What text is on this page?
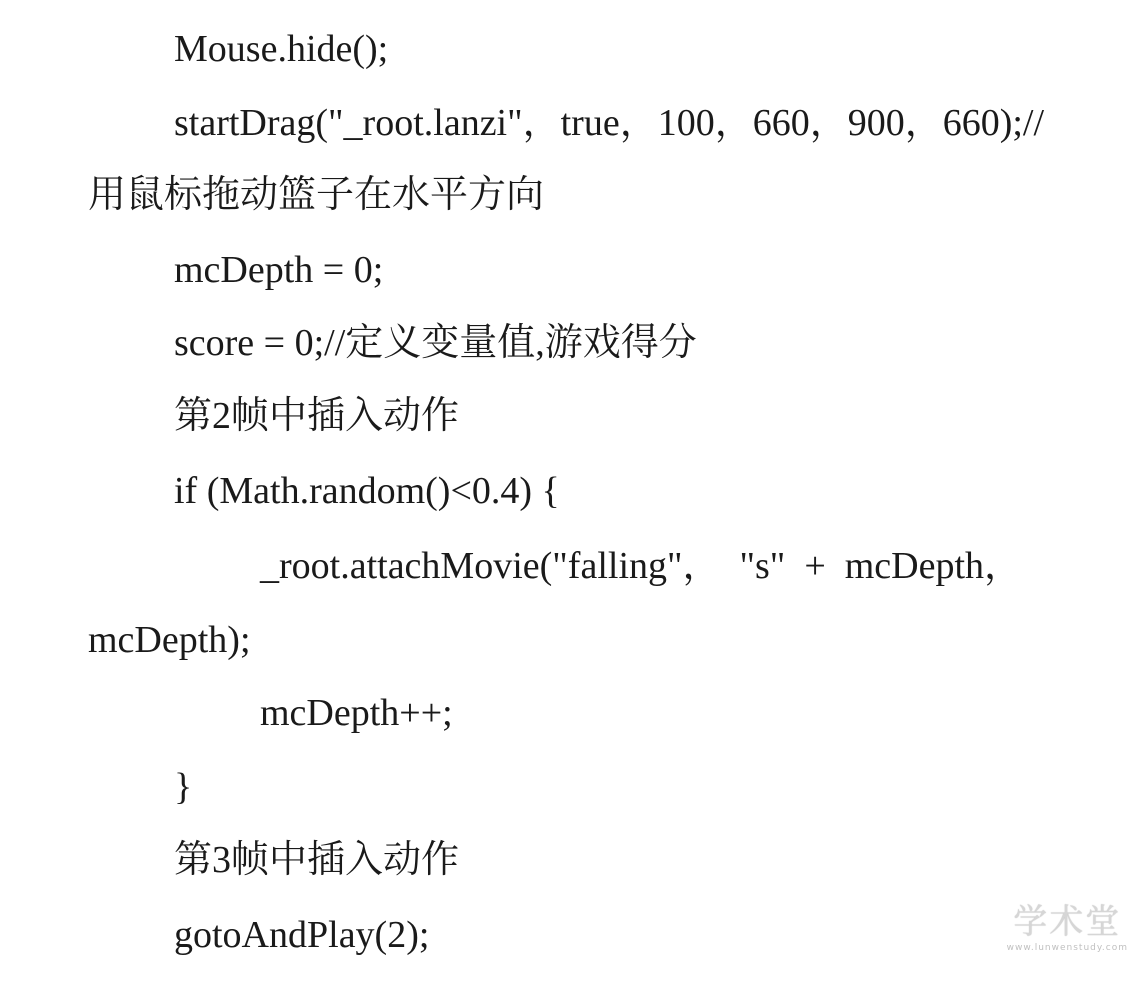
Mouse.hide();
startDrag("_root.lanzi"，true，100，660，900，660);//
用鼠标拖动篮子在水平方向
mcDepth = 0;
score = 0;//定义变量值,游戏得分
第2帧中插入动作
if (Math.random()<0.4) {
_root.attachMovie("falling"，  "s"  +  mcDepth，
mcDepth);
mcDepth++;
}
第3帧中插入动作
gotoAndPlay(2);	学术堂
www.lunwenstudy.com
